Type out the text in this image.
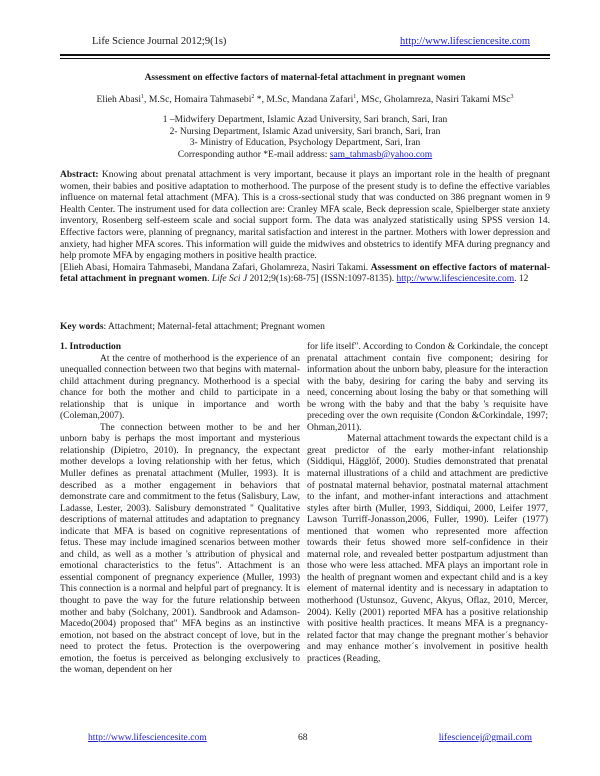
Life Science Journal 2012;9(1s)	http://www.lifesciencesite.com
Assessment on effective factors of maternal-fetal attachment in pregnant women
Elieh Abasi$^1$, M.Sc, Homaira Tahmasebi$^2$ *, M.Sc, Mandana Zafari$^1$, MSc, Gholamreza, Nasiri Takami MSc$^3$
1 –Midwifery Department, Islamic Azad University, Sari branch, Sari, Iran
2- Nursing Department, Islamic Azad university, Sari branch, Sari, Iran
3- Ministry of Education, Psychology Department, Sari, Iran
Corresponding author *E-mail address: sam_tahmasb@yahoo.com
Abstract: Knowing about prenatal attachment is very important, because it plays an important role in the health of pregnant women, their babies and positive adaptation to motherhood. The purpose of the present study is to define the effective variables influence on maternal fetal attachment (MFA). This is a cross-sectional study that was conducted on 386 pregnant women in 9 Health Center. The instrument used for data collection are: Cranley MFA scale, Beck depression scale, Spielberger state anxiety inventory, Rosenberg self-esteem scale and social support form. The data was analyzed statistically using SPSS version 14. Effective factors were, planning of pregnancy, marital satisfaction and interest in the partner. Mothers with lower depression and anxiety, had higher MFA scores. This information will guide the midwives and obstetrics to identify MFA during pregnancy and help promote MFA by engaging mothers in positive health practice.
[Elieh Abasi, Homaira Tahmasebi, Mandana Zafari, Gholamreza, Nasiri Takami. Assessment on effective factors of maternal-fetal attachment in pregnant women. Life Sci J 2012;9(1s):68-75] (ISSN:1097-8135). http://www.lifesciencesite.com. 12
Key words: Attachment; Maternal-fetal attachment; Pregnant women
1. Introduction

At the centre of motherhood is the experience of an unequalled connection between two that begins with maternal-child attachment during pregnancy. Motherhood is a special chance for both the mother and child to participate in a relationship that is unique in importance and worth (Coleman,2007).

The connection between mother to be and her unborn baby is perhaps the most important and mysterious relationship (Dipietro, 2010). In pregnancy, the expectant mother develops a loving relationship with her fetus, which Muller defines as prenatal attachment (Muller, 1993). It is described as a mother engagement in behaviors that demonstrate care and commitment to the fetus (Salisbury, Law, Ladasse, Lester, 2003). Salisbury demonstrated " Qualitative descriptions of maternal attitudes and adaptation to pregnancy indicate that MFA is based on cognitive representations of fetus. These may include imagined scenarios between mother and child, as well as a mother 's attribution of physical and emotional characteristics to the fetus". Attachment is an essential component of pregnancy experience (Muller, 1993) This connection is a normal and helpful part of pregnancy. It is thought to pave the way for the future relationship between mother and baby (Solchany, 2001). Sandbrook and Adamson-Macedo(2004) proposed that" MFA begins as an instinctive emotion, not based on the abstract concept of love, but in the need to protect the fetus. Protection is the overpowering emotion, the foetus is perceived as belonging exclusively to the woman, dependent on her

for life itself". According to Condon & Corkindale, the concept prenatal attachment contain five component; desiring for information about the unborn baby, pleasure for the interaction with the baby, desiring for caring the baby and serving its need, concerning about losing the baby or that something will be wrong with the baby and that the baby 's requisite have preceding over the own requisite (Condon &Corkindale, 1997; Ohman,2011).

Maternal attachment towards the expectant child is a great predictor of the early mother-infant relationship (Siddiqui, Hägglöf, 2000). Studies demonstrated that prenatal maternal illustrations of a child and attachment are predictive of postnatal maternal behavior, postnatal maternal attachment to the infant, and mother-infant interactions and attachment styles after birth (Muller, 1993, Siddiqui, 2000, Leifer 1977, Lawson Turriff-Jonasson,2006, Fuller, 1990). Leifer (1977) mentioned that women who represented more affection towards their fetus showed more self-confidence in their maternal role, and revealed better postpartum adjustment than those who were less attached. MFA plays an important role in the health of pregnant women and expectant child and is a key element of maternal identity and is necessary in adaptation to motherhood (Ustunsoz, Guvenc, Akyus, Oflaz, 2010, Mercer, 2004). Kelly (2001) reported MFA has a positive relationship with positive health practices. It means MFA is a pregnancy-related factor that may change the pregnant mother´s behavior and may enhance mother´s involvement in positive health practices (Reading,

http://www.lifesciencesite.com	68	lifesciencej@gmail.com
